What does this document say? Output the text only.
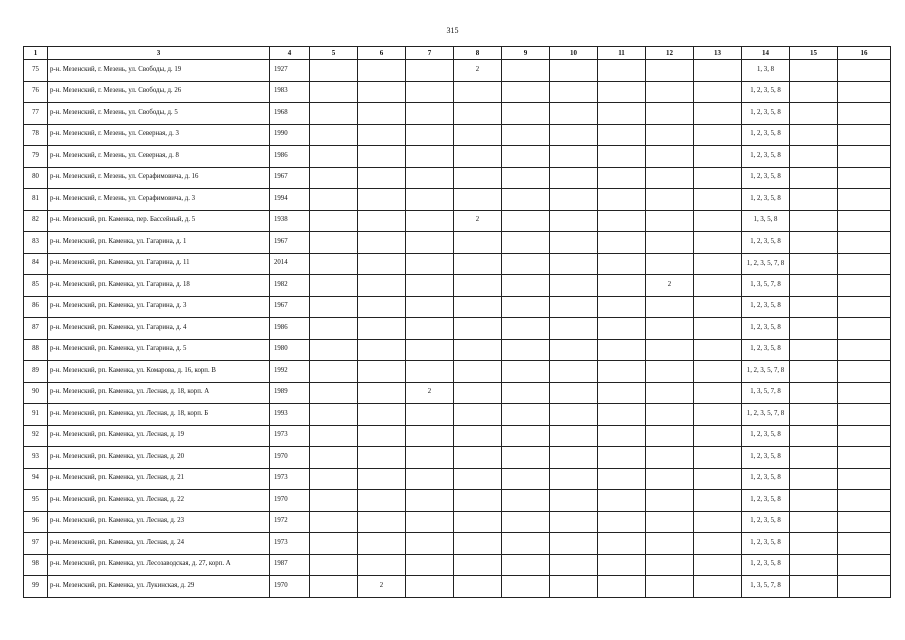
315
1	3	4	5	6	7	8	9	10	11	12	13	14	15	16
75	р-н. Мезенский, г. Мезень, ул. Свободы, д. 19	1927				2						1, 3, 8		
76	р-н. Мезенский, г. Мезень, ул. Свободы, д. 26	1983										1, 2, 3, 5, 8		
77	р-н. Мезенский, г. Мезень, ул. Свободы, д. 5	1968										1, 2, 3, 5, 8		
78	р-н. Мезенский, г. Мезень, ул. Северная, д. 3	1990										1, 2, 3, 5, 8		
79	р-н. Мезенский, г. Мезень, ул. Северная, д. 8	1986										1, 2, 3, 5, 8		
80	р-н. Мезенский, г. Мезень, ул. Серафимовича, д. 16	1967										1, 2, 3, 5, 8		
81	р-н. Мезенский, г. Мезень, ул. Серафимовича, д. 3	1994										1, 2, 3, 5, 8		
82	р-н. Мезенский, рп. Каменка, пер. Бассейный, д. 5	1938				2						1, 3, 5, 8		
83	р-н. Мезенский, рп. Каменка, ул. Гагарина, д. 1	1967										1, 2, 3, 5, 8		
84	р-н. Мезенский, рп. Каменка, ул. Гагарина, д. 11	2014										1, 2, 3, 5, 7, 8		
85	р-н. Мезенский, рп. Каменка, ул. Гагарина, д. 18	1982								2		1, 3, 5, 7, 8		
86	р-н. Мезенский, рп. Каменка, ул. Гагарина, д. 3	1967										1, 2, 3, 5, 8		
87	р-н. Мезенский, рп. Каменка, ул. Гагарина, д. 4	1986										1, 2, 3, 5, 8		
88	р-н. Мезенский, рп. Каменка, ул. Гагарина, д. 5	1980										1, 2, 3, 5, 8		
89	р-н. Мезенский, рп. Каменка, ул. Комарова, д. 16, корп. В	1992										1, 2, 3, 5, 7, 8		
90	р-н. Мезенский, рп. Каменка, ул. Лесная, д. 18, корп. А	1989			2							1, 3, 5, 7, 8		
91	р-н. Мезенский, рп. Каменка, ул. Лесная, д. 18, корп. Б	1993										1, 2, 3, 5, 7, 8		
92	р-н. Мезенский, рп. Каменка, ул. Лесная, д. 19	1973										1, 2, 3, 5, 8		
93	р-н. Мезенский, рп. Каменка, ул. Лесная, д. 20	1970										1, 2, 3, 5, 8		
94	р-н. Мезенский, рп. Каменка, ул. Лесная, д. 21	1973										1, 2, 3, 5, 8		
95	р-н. Мезенский, рп. Каменка, ул. Лесная, д. 22	1970										1, 2, 3, 5, 8		
96	р-н. Мезенский, рп. Каменка, ул. Лесная, д. 23	1972										1, 2, 3, 5, 8		
97	р-н. Мезенский, рп. Каменка, ул. Лесная, д. 24	1973										1, 2, 3, 5, 8		
98	р-н. Мезенский, рп. Каменка, ул. Лесозаводская, д. 27, корп. А	1987										1, 2, 3, 5, 8		
99	р-н. Мезенский, рп. Каменка, ул. Лукинская, д. 29	1970		2								1, 3, 5, 7, 8		
